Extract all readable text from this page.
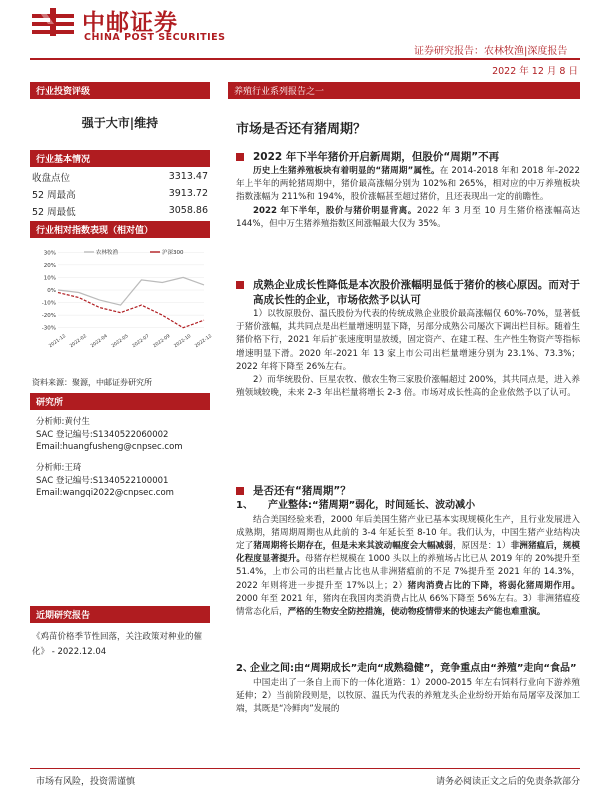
中邮证券
CHINA POST SECURITIES
证券研究报告：农林牧渔|深度报告
2022 年 12 月 8 日
行业投资评级
强于大市|维持
行业基本情况
收盘点位	3313.47
52 周最高	3913.72
52 周最低	3058.86
行业相对指数表现（相对值）
-30%
-20%
-10%
0%
10%
20%
30%
2021-12 2022-02 2022-04 2022-05 2022-07 2022-09 2022-10 2022-12
农林牧渔	沪深300
资料来源：聚源，中邮证券研究所
研究所
分析师:黄付生
SAC 登记编号:S1340522060002
Email:huangfusheng@cnpsec.com
分析师:王琦
SAC 登记编号:S1340522100001
Email:wangqi2022@cnpsec.com
近期研究报告
《鸡苗价格季节性回落，关注政策对种业的催化》 - 2022.12.04
养殖行业系列报告之一
市场是否还有猪周期？
2022 年下半年猪价开启新周期，但股价“周期”不再

历史上生猪养殖板块有着明显的“猪周期”属性。在 2014-2018 年和 2018 年-2022 年上半年的两轮猪周期中，猪价最高涨幅分别为 102%和 265%，相对应的中万养殖板块指数涨幅为 211%和 194%，股价涨幅甚至超过猪价，且还表现出一定的前瞻性。

2022 年下半年，股价与猪价明显背离。2022 年 3 月至 10 月生猪价格涨幅高达 144%，但中万生猪养殖指数区间涨幅最大仅为 35%。

成熟企业成长性降低是本次股价涨幅明显低于猪价的核心原因。而对于高成长性的企业，市场依然予以认可

1）以牧原股份、温氏股份为代表的传统成熟企业股价最高涨幅仅 60%-70%，显著低于猪价涨幅，其共同点是出栏量增速明显下降，另部分成熟公司屡次下调出栏目标。随着生猪价格下行，2021 年后扩张速度明显放缓，固定资产、在建工程、生产性生物资产等指标增速明显下滑。2020 年-2021 年 13 家上市公司出栏量增速分别为 23.1%、73.3%；2022 年将下降至 26%左右。

2）而华统股份、巨星农牧、傲农生物三家股价涨幅超过 200%，其共同点是，进入养殖领域较晚，未来 2-3 年出栏量将增长 2-3 倍。市场对成长性高的企业依然予以了认可。

是否还有“猪周期”？
1、 产业整体:“猪周期”弱化，时间延长、波动减小

结合美国经验来看，2000 年后美国生猪产业已基本实现规模化生产，且行业发展进入成熟期，猪周期周期也从此前的 3-4 年延长至 8-10 年。我们认为，中国生猪产业结构决定了猪周期将长期存在，但是未来其波动幅度会大幅减弱，原因是：1）非洲猪瘟后，规模化程度显著提升。母猪存栏规模在 1000 头以上的养殖场占比已从 2019 年的 20%提升至 51.4%，上市公司的出栏量占比也从非洲猪瘟前的不足 7%提升至 2021 年的 14.3%，2022 年则将进一步提升至 17%以上；2）猪肉消费占比的下降，将弱化猪周期作用。2000 年至 2021 年，猪肉在我国肉类消费占比从 66%下降至 56%左右。3）非洲猪瘟疫情常态化后，严格的生物安全防控措施，使动物疫情带来的快速去产能也难重演。

2、企业之间:由“周期成长”走向“成熟稳健”，竞争重点由“养殖”走向“食品”

中国走出了一条自上而下的一体化道路：1）2000-2015 年左右饲料行业向下游养殖延伸；2）当前阶段则是，以牧原、温氏为代表的养殖龙头企业纷纷开始布局屠宰及深加工端，其既是“冷鲜肉”发展的

市场有风险，投资需谨慎	请务必阅读正文之后的免责条款部分
